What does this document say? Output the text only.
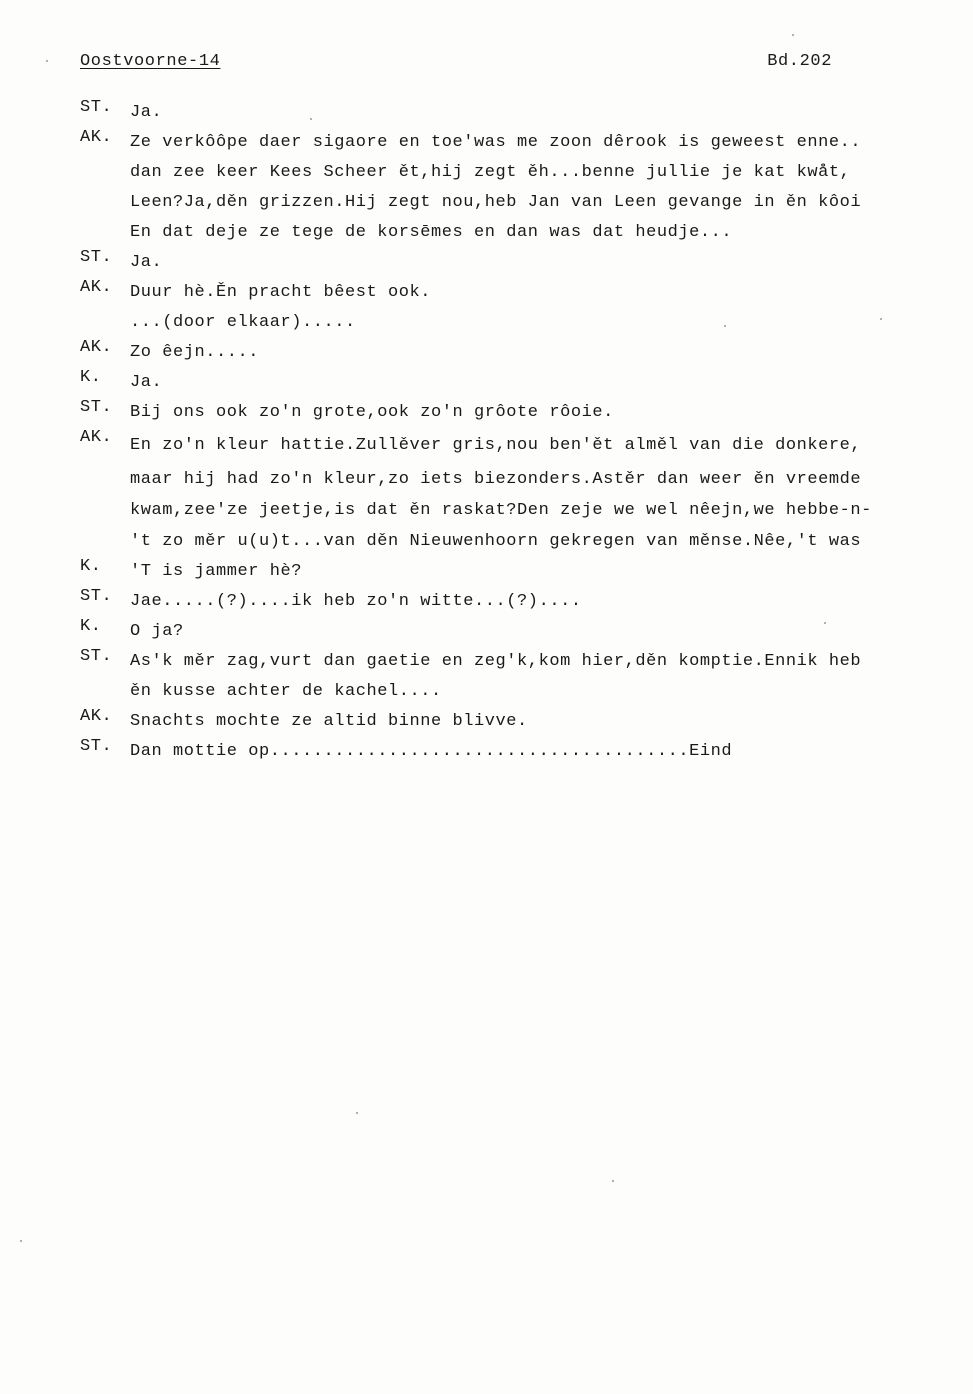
Oostvoorne-14	Bd.202
ST.	Ja.
AK.	Ze verkôôpe daer sigaore en toe'was me zoon dêrook is geweest enne..
dan zee keer Kees Scheer ět,hij zegt ěh...benne jullie je kat kwåt,
Leen?Ja,děn grizzen.Hij zegt nou,heb Jan van Leen gevange in ěn kôoi
En dat deje ze tege de korsēmes en dan was dat heudje...
ST.	Ja.
AK.	Duur hè.Ěn pracht bêest ook.
...(door elkaar).....
AK.	Zo êejn.....
K.	Ja.
ST.	Bij ons ook zo'n grote,ook zo'n grôote rôoie.
AK.	En zo'n kleur hattie.Zullěver gris,nou ben'ět alměl van die donkere,
maar hij had zo'n kleur,zo iets biezonders.Astěr dan weer ěn vreemde
kwam,zee'ze jeetje,is dat ěn raskat?Den zeje we wel nêejn,we hebbe-n-
't zo měr u(u)t...van děn Nieuwenhoorn gekregen van měnse.Nêe,'t was
K.	'T is jammer hè?
ST.	Jae.....(?)....ik heb zo'n witte...(?)....
K.	O ja?
ST.	As'k měr zag,vurt dan gaetie en zeg'k,kom hier,děn komptie.Ennik heb
ěn kusse achter de kachel....
AK.	Snachts mochte ze altid binne blivve.
ST.	Dan mottie op.......................................Eind
